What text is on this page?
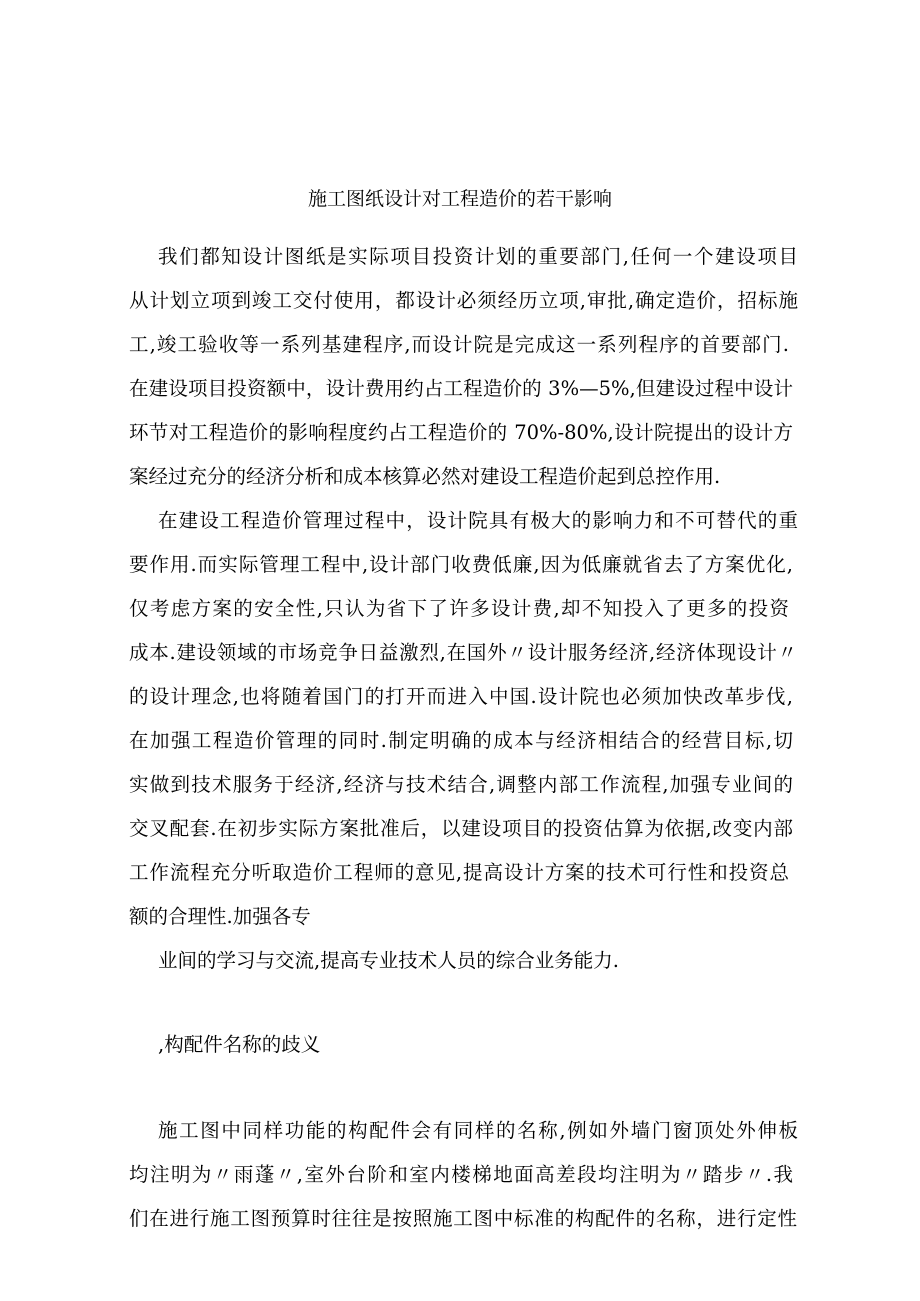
施工图纸设计对工程造价的若干影响
我们都知设计图纸是实际项目投资计划的重要部门,任何一个建设项目
从计划立项到竣工交付使用，都设计必须经历立项,审批,确定造价，招标施
工,竣工验收等一系列基建程序,而设计院是完成这一系列程序的首要部门.
在建设项目投资额中，设计费用约占工程造价的 3%—5%,但建设过程中设计
环节对工程造价的影响程度约占工程造价的 70%-80%,设计院提出的设计方
案经过充分的经济分析和成本核算必然对建设工程造价起到总控作用.
在建设工程造价管理过程中，设计院具有极大的影响力和不可替代的重
要作用.而实际管理工程中,设计部门收费低廉,因为低廉就省去了方案优化,
仅考虑方案的安全性,只认为省下了许多设计费,却不知投入了更多的投资
成本.建设领域的市场竞争日益激烈,在国外〃设计服务经济,经济体现设计〃
的设计理念,也将随着国门的打开而进入中国.设计院也必须加快改革步伐,
在加强工程造价管理的同时.制定明确的成本与经济相结合的经营目标,切
实做到技术服务于经济,经济与技术结合,调整内部工作流程,加强专业间的
交叉配套.在初步实际方案批准后，以建设项目的投资估算为依据,改变内部
工作流程充分听取造价工程师的意见,提高设计方案的技术可行性和投资总
额的合理性.加强各专
业间的学习与交流,提高专业技术人员的综合业务能力.
,构配件名称的歧义
施工图中同样功能的构配件会有同样的名称,例如外墙门窗顶处外伸板
均注明为〃雨蓬〃,室外台阶和室内楼梯地面高差段均注明为〃踏步〃.我
们在进行施工图预算时往往是按照施工图中标准的构配件的名称，进行定性
